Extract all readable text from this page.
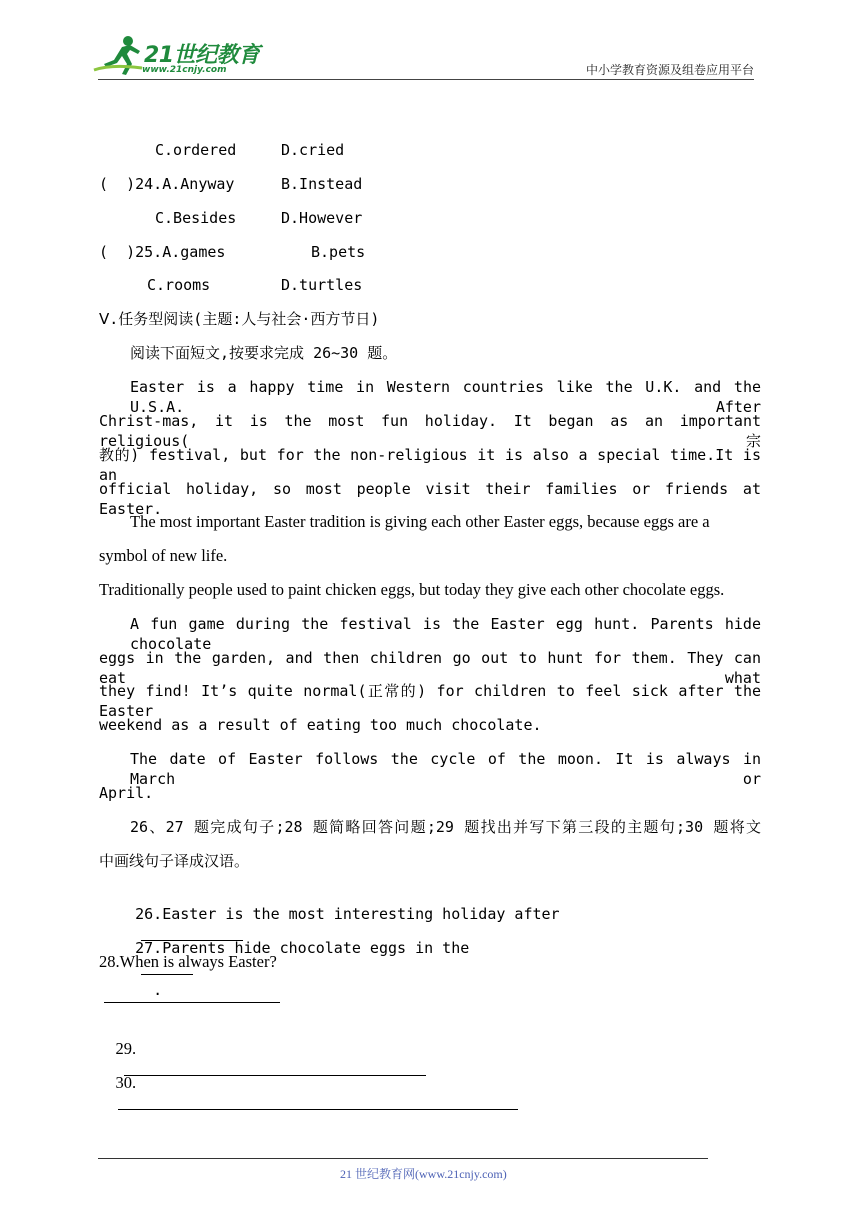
21世纪教育
www.21cnjy.com	中小学教育资源及组卷应用平台
C.ordered	D.cried
(  )24.A.Anyway	B.Instead
C.Besides	D.However
(  )25.A.games	B.pets
C.rooms	D.turtles
Ⅴ.任务型阅读(主题:人与社会·西方节日)
阅读下面短文,按要求完成 26~30 题。
Easter is a happy time in Western countries like the U.K. and the U.S.A. After
Christ-mas, it is the most fun holiday. It began as an important religious(宗
教的) festival, but for the non-religious it is also a special time.It is an
official holiday, so most people visit their families or friends at Easter.
The most important Easter tradition is giving each other Easter eggs, because eggs are a
symbol of new life.
Traditionally people used to paint chicken eggs, but today they give each other chocolate eggs.
A fun game during the festival is the Easter egg hunt. Parents hide chocolate
eggs in the garden, and then children go out to hunt for them. They can eat what
they find! It’s quite normal(正常的) for children to feel sick after the Easter
weekend as a result of eating too much chocolate.
The date of Easter follows the cycle of the moon. It is always in March or
April.
26、27 题完成句子;28 题简略回答问题;29 题找出并写下第三段的主题句;30 题将文
中画线句子译成汉语。

26.Easter is the most interesting holiday after

27.Parents hide chocolate eggs in the

.

28.When is always Easter?

29.

30.

21 世纪教育网(www.21cnjy.com)
